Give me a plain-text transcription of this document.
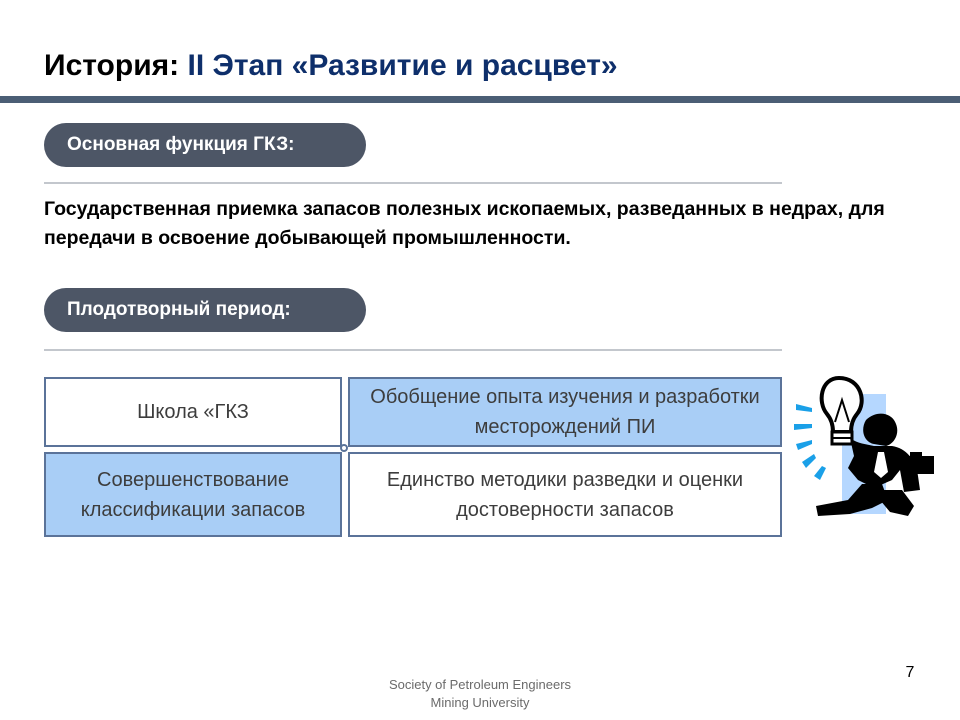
История: II Этап «Развитие и расцвет»
Основная функция ГКЗ:
Государственная приемка запасов полезных ископаемых, разведанных в недрах, для передачи в освоение добывающей промышленности.
Плодотворный период:
Школа «ГКЗ
Обобщение опыта изучения и разработки месторождений ПИ
Совершенствование классификации запасов
Единство методики разведки и оценки достоверности запасов
7
Society of Petroleum Engineers
Mining University
